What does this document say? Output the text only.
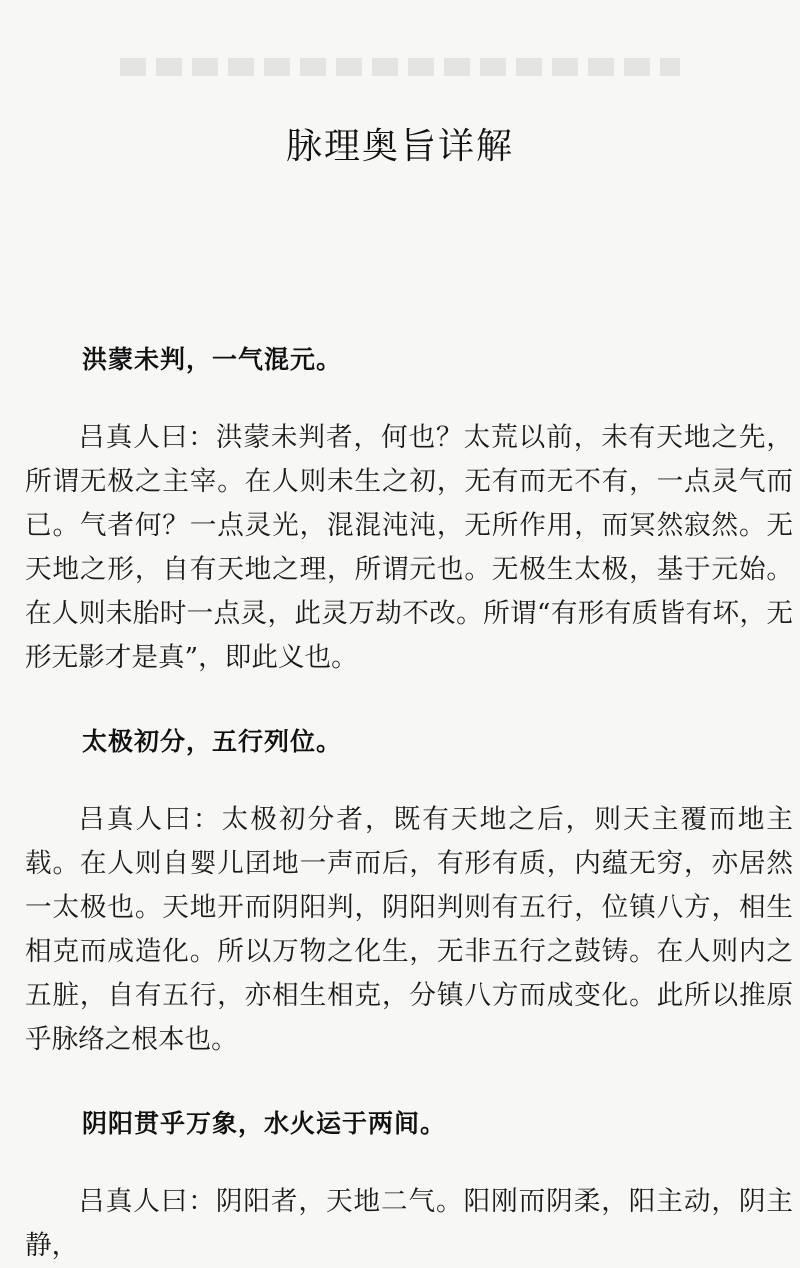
脉理奥旨详解
洪蒙未判，一气混元。
吕真人曰：洪蒙未判者，何也？太荒以前，未有天地之先，所谓无极之主宰。在人则未生之初，无有而无不有，一点灵气而已。气者何？一点灵光，混混沌沌，无所作用，而冥然寂然。无天地之形，自有天地之理，所谓元也。无极生太极，基于元始。在人则未胎时一点灵，此灵万劫不改。所谓“有形有质皆有坏，无形无影才是真”，即此义也。
太极初分，五行列位。
吕真人曰：太极初分者，既有天地之后，则天主覆而地主载。在人则自婴儿囝地一声而后，有形有质，内蕴无穷，亦居然一太极也。天地开而阴阳判，阴阳判则有五行，位镇八方，相生相克而成造化。所以万物之化生，无非五行之鼓铸。在人则内之五脏，自有五行，亦相生相克，分镇八方而成变化。此所以推原乎脉络之根本也。
阴阳贯乎万象，水火运于两间。
吕真人曰：阴阳者，天地二气。阳刚而阴柔，阳主动，阴主静，
